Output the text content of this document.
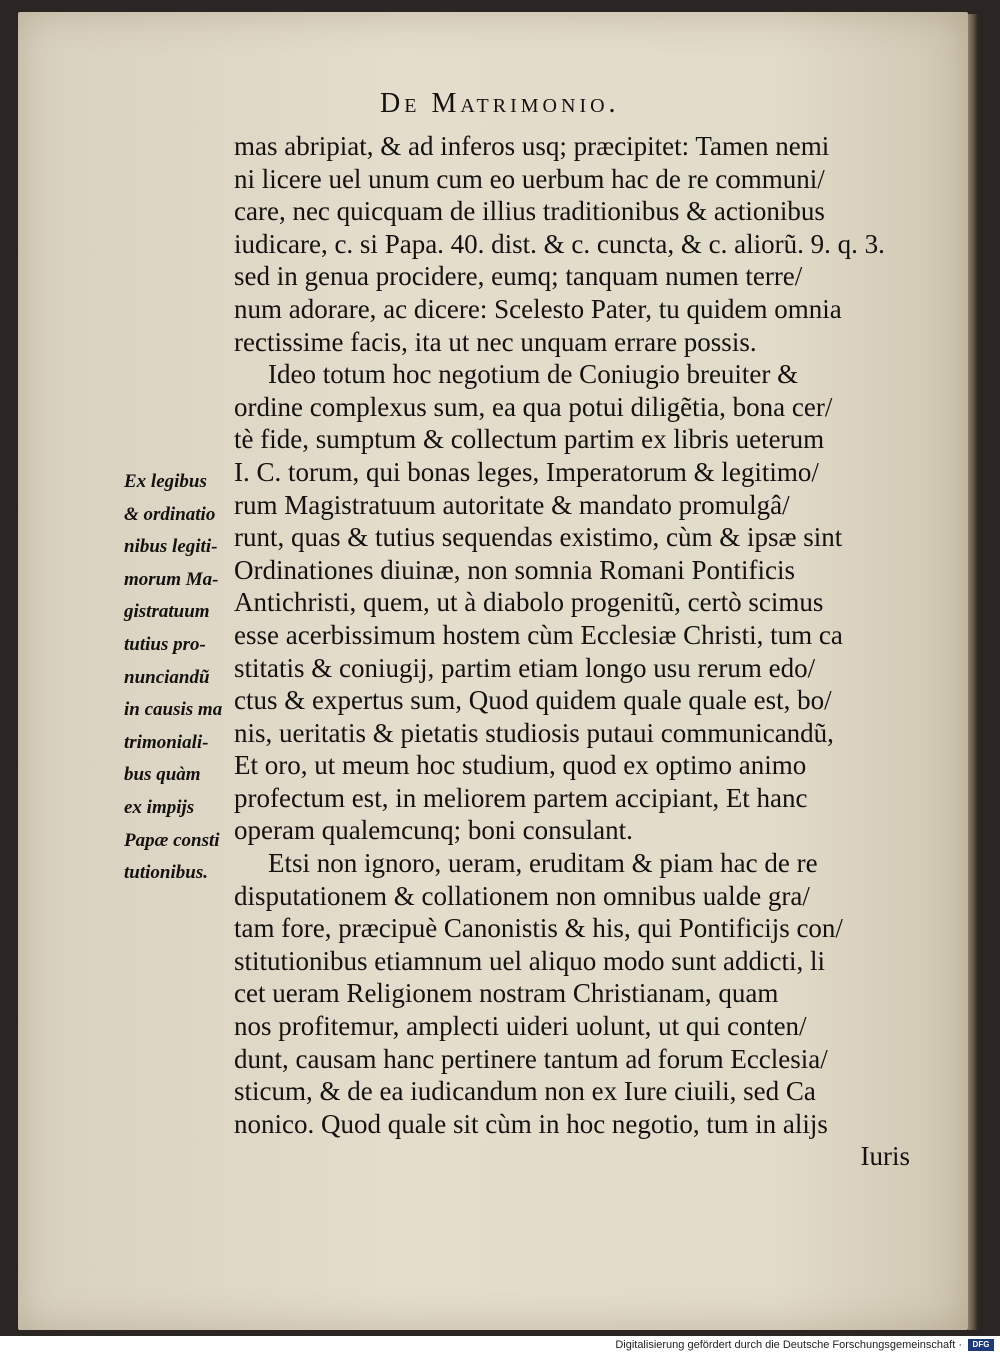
De Matrimonio.
mas abripiat, & ad inferos usq; præcipitet: Tamen nemi
ni licere uel unum cum eo uerbum hac de re communi/
care, nec quicquam de illius traditionibus & actionibus
iudicare, c. si Papa. 40. dist. & c. cuncta, & c. aliorũ. 9. q. 3.
sed in genua procidere, eumq; tanquam numen terre/
num adorare, ac dicere: Scelesto Pater, tu quidem omnia
rectissime facis, ita ut nec unquam errare possis.
Ideo totum hoc negotium de Coniugio breuiter &
ordine complexus sum, ea qua potui diligẽtia, bona cer/
tè fide, sumptum & collectum partim ex libris ueterum
I. C. torum, qui bonas leges, Imperatorum & legitimo/
rum Magistratuum autoritate & mandato promulgâ/
runt, quas & tutius sequendas existimo, cùm & ipsæ sint
Ordinationes diuinæ, non somnia Romani Pontificis
Antichristi, quem, ut à diabolo progenitũ, certò scimus
esse acerbissimum hostem cùm Ecclesiæ Christi, tum ca
stitatis & coniugij, partim etiam longo usu rerum edo/
ctus & expertus sum, Quod quidem quale quale est, bo/
nis, ueritatis & pietatis studiosis putaui communicandũ,
Et oro, ut meum hoc studium, quod ex optimo animo
profectum est, in meliorem partem accipiant, Et hanc
operam qualemcunq; boni consulant.
Etsi non ignoro, ueram, eruditam & piam hac de re
disputationem & collationem non omnibus ualde gra/
tam fore, præcipuè Canonistis & his, qui Pontificijs con/
stitutionibus etiamnum uel aliquo modo sunt addicti, li
cet ueram Religionem nostram Christianam, quam
nos profitemur, amplecti uideri uolunt, ut qui conten/
dunt, causam hanc pertinere tantum ad forum Ecclesia/
sticum, & de ea iudicandum non ex Iure ciuili, sed Ca
nonico. Quod quale sit cùm in hoc negotio, tum in alijs
Iuris
Ex legibus
& ordinatio
nibus legiti-
morum Ma-
gistratuum
tutius pro-
nunciandũ
in causis ma
trimoniali-
bus quàm
ex impijs
Papæ consti
tutionibus.
Digitalisierung gefördert durch die Deutsche Forschungsgemeinschaft ·	DFG
